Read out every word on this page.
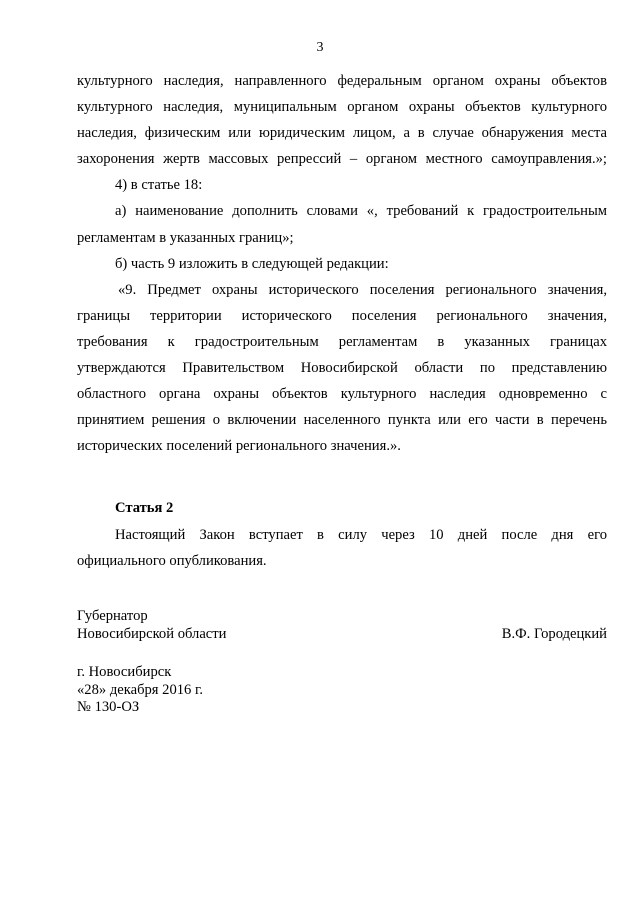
3
культурного наследия, направленного федеральным органом охраны объектов
культурного наследия, муниципальным органом охраны объектов культурного
наследия, физическим или юридическим лицом, а в случае обнаружения места
захоронения жертв массовых репрессий – органом местного самоуправления.»;
4) в статье 18:
а) наименование дополнить словами «, требований к градостроительным
регламентам в указанных границ»;
б) часть 9 изложить в следующей редакции:
«9. Предмет охраны исторического поселения регионального значения,
границы территории исторического поселения регионального значения,
требования к градостроительным регламентам в указанных границах
утверждаются Правительством Новосибирской области по представлению
областного органа охраны объектов культурного наследия одновременно с
принятием решения о включении населенного пункта или его части в перечень
исторических поселений регионального значения.».
Статья 2
Настоящий Закон вступает в силу через 10 дней после дня его
официального опубликования.
Губернатор
Новосибирской области	В.Ф. Городецкий
г. Новосибирск
«28» декабря 2016 г.
№ 130-ОЗ
